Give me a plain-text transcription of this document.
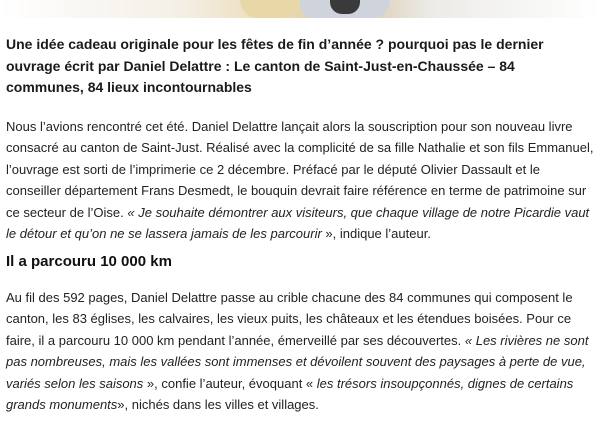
Une idée cadeau originale pour les fêtes de fin d’année ? pourquoi pas le dernier ouvrage écrit par Daniel Delattre : Le canton de Saint-Just-en-Chaussée – 84 communes, 84 lieux incontournables

Nous l’avions rencontré cet été. Daniel Delattre lançait alors la souscription pour son nouveau livre consacré au canton de Saint-Just. Réalisé avec la complicité de sa fille Nathalie et son fils Emmanuel, l’ouvrage est sorti de l’imprimerie ce 2 décembre. Préfacé par le député Olivier Dassault et le conseiller département Frans Desmedt, le bouquin devrait faire référence en terme de patrimoine sur ce secteur de l’Oise. « Je souhaite démontrer aux visiteurs, que chaque village de notre Picardie vaut le détour et qu’on ne se lassera jamais de les parcourir », indique l’auteur.

Il a parcouru 10 000 km

Au fil des 592 pages, Daniel Delattre passe au crible chacune des 84 communes qui composent le canton, les 83 églises, les calvaires, les vieux puits, les châteaux et les étendues boisées. Pour ce faire, il a parcouru 10 000 km pendant l’année, émerveillé par ses découvertes. « Les rivières ne sont pas nombreuses, mais les vallées sont immenses et dévoilent souvent des paysages à perte de vue, variés selon les saisons », confie l’auteur, évoquant « les trésors insoupçonnés, dignes de certains grands monuments», nichés dans les villes et villages.
